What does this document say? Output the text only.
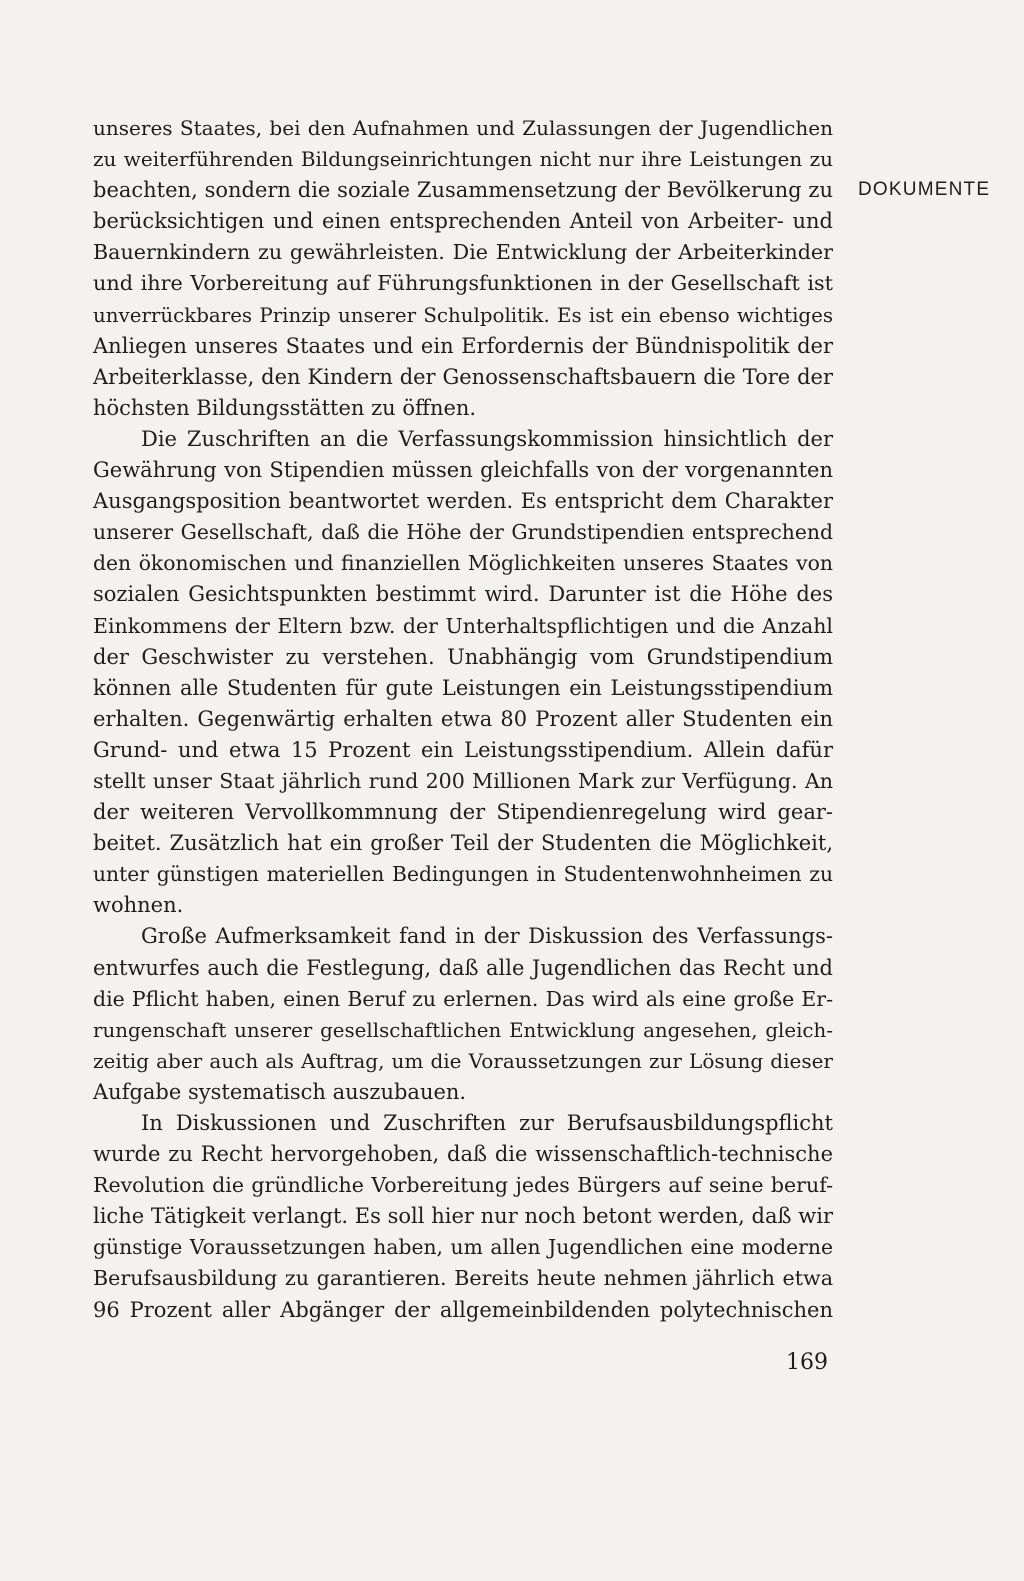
unseres Staates, bei den Aufnahmen und Zulassungen der Jugendlichen
zu weiterführenden Bildungseinrichtungen nicht nur ihre Leistungen zu
beachten, sondern die soziale Zusammensetzung der Bevölkerung zu
berücksichtigen und einen entsprechenden Anteil von Arbeiter- und
Bauernkindern zu gewährleisten. Die Entwicklung der Arbeiterkinder
und ihre Vorbereitung auf Führungsfunktionen in der Gesellschaft ist
unverrückbares Prinzip unserer Schulpolitik. Es ist ein ebenso wichtiges
Anliegen unseres Staates und ein Erfordernis der Bündnispolitik der
Arbeiterklasse, den Kindern der Genossenschaftsbauern die Tore der
höchsten Bildungsstätten zu öffnen.
Die Zuschriften an die Verfassungskommission hinsichtlich der
Gewährung von Stipendien müssen gleichfalls von der vorgenannten
Ausgangsposition beantwortet werden. Es entspricht dem Charakter
unserer Gesellschaft, daß die Höhe der Grundstipendien entsprechend
den ökonomischen und finanziellen Möglichkeiten unseres Staates von
sozialen Gesichtspunkten bestimmt wird. Darunter ist die Höhe des
Einkommens der Eltern bzw. der Unterhaltspflichtigen und die Anzahl
der Geschwister zu verstehen. Unabhängig vom Grundstipendium
können alle Studenten für gute Leistungen ein Leistungsstipendium
erhalten. Gegenwärtig erhalten etwa 80 Prozent aller Studenten ein
Grund- und etwa 15 Prozent ein Leistungsstipendium. Allein dafür
stellt unser Staat jährlich rund 200 Millionen Mark zur Verfügung. An
der weiteren Vervollkommnung der Stipendienregelung wird gear-
beitet. Zusätzlich hat ein großer Teil der Studenten die Möglichkeit,
unter günstigen materiellen Bedingungen in Studentenwohnheimen zu
wohnen.
Große Aufmerksamkeit fand in der Diskussion des Verfassungs-
entwurfes auch die Festlegung, daß alle Jugendlichen das Recht und
die Pflicht haben, einen Beruf zu erlernen. Das wird als eine große Er-
rungenschaft unserer gesellschaftlichen Entwicklung angesehen, gleich-
zeitig aber auch als Auftrag, um die Voraussetzungen zur Lösung dieser
Aufgabe systematisch auszubauen.
In Diskussionen und Zuschriften zur Berufsausbildungspflicht
wurde zu Recht hervorgehoben, daß die wissenschaftlich-technische
Revolution die gründliche Vorbereitung jedes Bürgers auf seine beruf-
liche Tätigkeit verlangt. Es soll hier nur noch betont werden, daß wir
günstige Voraussetzungen haben, um allen Jugendlichen eine moderne
Berufsausbildung zu garantieren. Bereits heute nehmen jährlich etwa
96 Prozent aller Abgänger der allgemeinbildenden polytechnischen
DOKUMENTE
169
